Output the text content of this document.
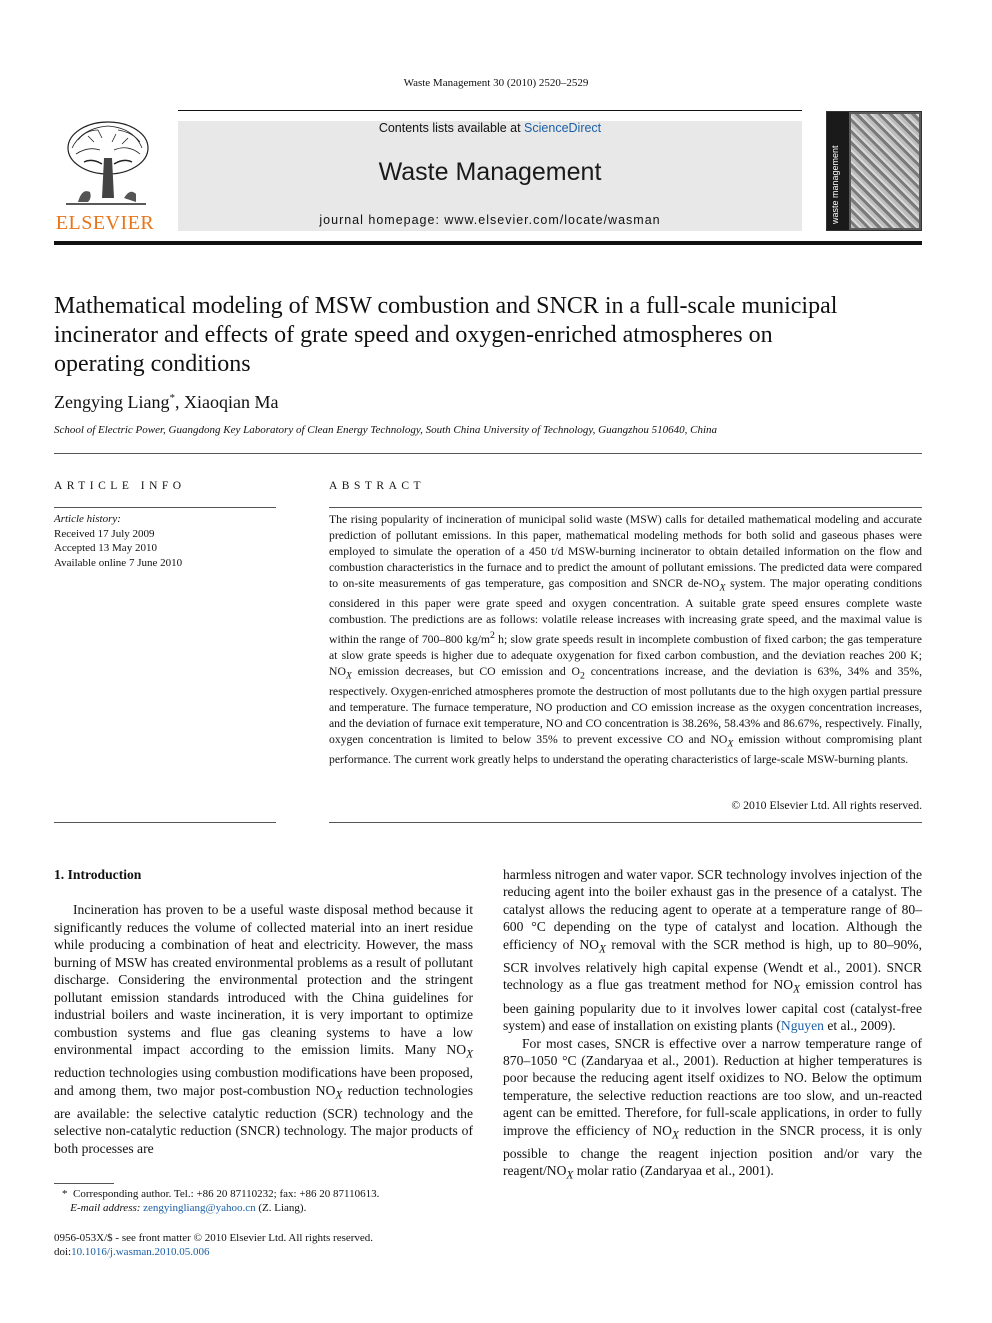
Waste Management 30 (2010) 2520–2529
ELSEVIER
Contents lists available at ScienceDirect
Waste Management
journal homepage: www.elsevier.com/locate/wasman	waste management
Mathematical modeling of MSW combustion and SNCR in a full-scale municipal incinerator and effects of grate speed and oxygen-enriched atmospheres on operating conditions
Zengying Liang*, Xiaoqian Ma
School of Electric Power, Guangdong Key Laboratory of Clean Energy Technology, South China University of Technology, Guangzhou 510640, China
ARTICLE INFO	ABSTRACT
Article history:
Received 17 July 2009
Accepted 13 May 2010
Available online 7 June 2010
The rising popularity of incineration of municipal solid waste (MSW) calls for detailed mathematical modeling and accurate prediction of pollutant emissions. In this paper, mathematical modeling methods for both solid and gaseous phases were employed to simulate the operation of a 450 t/d MSW-burning incinerator to obtain detailed information on the flow and combustion characteristics in the furnace and to predict the amount of pollutant emissions. The predicted data were compared to on-site measurements of gas temperature, gas composition and SNCR $de-NO_X$ system. The major operating conditions considered in this paper were grate speed and oxygen concentration. A suitable grate speed ensures complete waste combustion. The predictions are as follows: volatile release increases with increasing grate speed, and the maximal value is within the range of 700–800 $kg/m^2$ h; slow grate speeds result in incomplete combustion of fixed carbon; the gas temperature at slow grate speeds is higher due to adequate oxygenation for fixed carbon combustion, and the deviation reaches 200 K; $NO_X$ emission decreases, but CO emission and $O_2$ concentrations increase, and the deviation is 63%, 34% and 35%, respectively. Oxygen-enriched atmospheres promote the destruction of most pollutants due to the high oxygen partial pressure and temperature. The furnace temperature, NO production and CO emission increase as the oxygen concentration increases, and the deviation of furnace exit temperature, NO and CO concentration is 38.26%, 58.43% and 86.67%, respectively. Finally, oxygen concentration is limited to below 35% to prevent excessive CO and $NO_X$ emission without compromising plant performance. The current work greatly helps to understand the operating characteristics of large-scale MSW-burning plants.
© 2010 Elsevier Ltd. All rights reserved.
1. Introduction

Incineration has proven to be a useful waste disposal method because it significantly reduces the volume of collected material into an inert residue while producing a combination of heat and electricity. However, the mass burning of MSW has created environmental problems as a result of pollutant discharge. Considering the environmental protection and the stringent pollutant emission standards introduced with the China guidelines for industrial boilers and waste incineration, it is very important to optimize combustion systems and flue gas cleaning systems to have a low environmental impact according to the emission limits. Many $NO_X$ reduction technologies using combustion modifications have been proposed, and among them, two major post-combustion $NO_X$ reduction technologies are available: the selective catalytic reduction (SCR) technology and the selective non-catalytic reduction (SNCR) technology. The major products of both processes are

harmless nitrogen and water vapor. SCR technology involves injection of the reducing agent into the boiler exhaust gas in the presence of a catalyst. The catalyst allows the reducing agent to operate at a temperature range of 80–600 °C depending on the type of catalyst and location. Although the efficiency of $NO_X$ removal with the SCR method is high, up to 80–90%, SCR involves relatively high capital expense (Wendt et al., 2001). SNCR technology as a flue gas treatment method for $NO_X$ emission control has been gaining popularity due to it involves lower capital cost (catalyst-free system) and ease of installation on existing plants (Nguyen et al., 2009).

For most cases, SNCR is effective over a narrow temperature range of 870–1050 °C (Zandaryaa et al., 2001). Reduction at higher temperatures is poor because the reducing agent itself oxidizes to NO. Below the optimum temperature, the selective reduction reactions are too slow, and un-reacted agent can be emitted. Therefore, for full-scale applications, in order to fully improve the efficiency of $NO_X$ reduction in the SNCR process, it is only possible to change the reagent injection position and/or vary the reagent/$NO_X$ molar ratio (Zandaryaa et al., 2001).

* Corresponding author. Tel.: +86 20 87110232; fax: +86 20 87110613.
E-mail address: zengyingliang@yahoo.cn (Z. Liang).
0956-053X/$ - see front matter © 2010 Elsevier Ltd. All rights reserved.
doi:10.1016/j.wasman.2010.05.006
